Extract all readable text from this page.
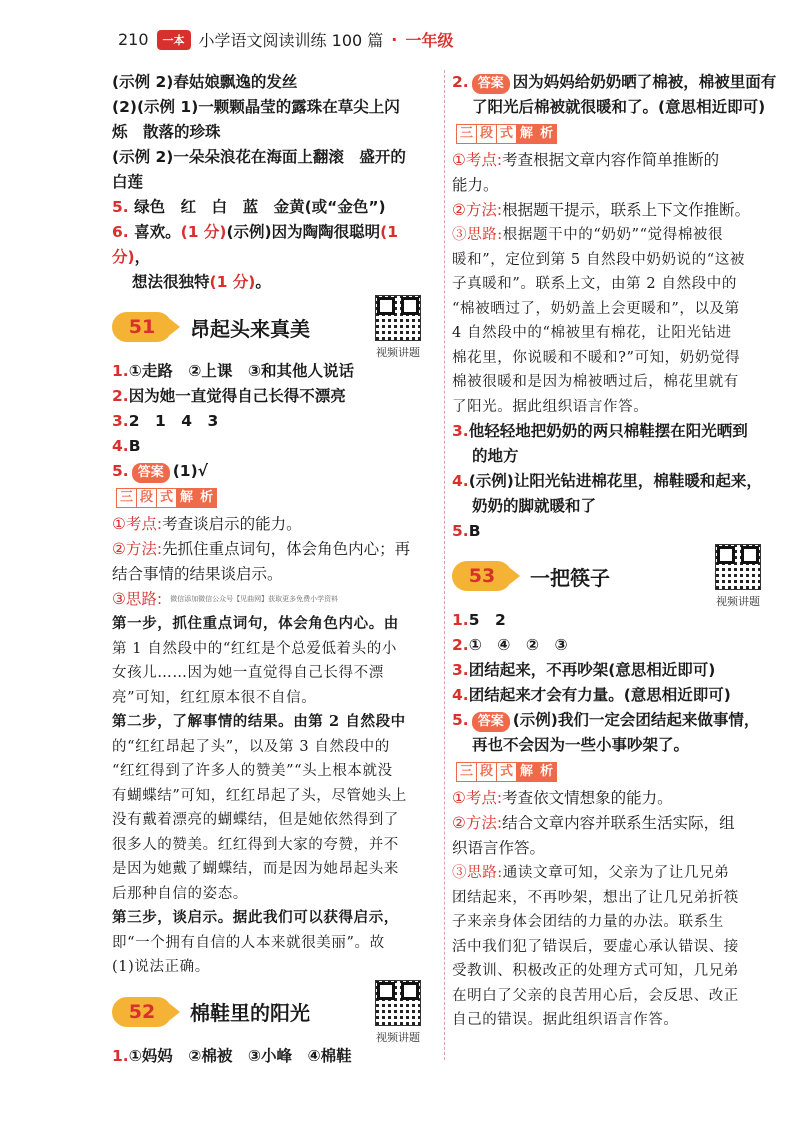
210	一本 小学语文阅读训练 100 篇 · 一年级
(示例 2)春姑娘飘逸的发丝
(2)(示例 1)一颗颗晶莹的露珠在草尖上闪
烁　散落的珍珠
(示例 2)一朵朵浪花在海面上翻滚　盛开的
白莲
5. 绿色　红　白　蓝　金黄(或“金色”)
6. 喜欢。(1 分)(示例)因为陶陶很聪明(1 分)，
想法很独特(1 分)。
51	昂起头来真美
视频讲题
1.①走路　②上课　③和其他人说话
2.因为她一直觉得自己长得不漂亮
3.2　1　4　3
4.B
5. 答案 (1)√
三 段 式 解 析
①考点:考查谈启示的能力。
②方法:先抓住重点词句，体会角色内心；再
结合事情的结果谈启示。
③思路: 微信添加微信公众号【见曲网】获取更多免费小学资料
第一步，抓住重点词句，体会角色内心。由
第 1 自然段中的“红红是个总爱低着头的小
女孩儿……因为她一直觉得自己长得不漂
亮”可知，红红原本很不自信。
第二步，了解事情的结果。由第 2 自然段中
的“红红昂起了头”，以及第 3 自然段中的
“红红得到了许多人的赞美”“头上根本就没
有蝴蝶结”可知，红红昂起了头，尽管她头上
没有戴着漂亮的蝴蝶结，但是她依然得到了
很多人的赞美。红红得到大家的夸赞，并不
是因为她戴了蝴蝶结，而是因为她昂起头来
后那种自信的姿态。
第三步，谈启示。据此我们可以获得启示，
即“一个拥有自信的人本来就很美丽”。故
(1)说法正确。
52	棉鞋里的阳光
视频讲题
1.①妈妈　②棉被　③小峰　④棉鞋
2. 答案 因为妈妈给奶奶晒了棉被，棉被里面有
了阳光后棉被就很暖和了。(意思相近即可)
三 段 式 解 析
①考点:考查根据文章内容作简单推断的
能力。
②方法:根据题干提示，联系上下文作推断。
③思路:根据题干中的“奶奶”“觉得棉被很
暖和”，定位到第 5 自然段中奶奶说的“这被
子真暖和”。联系上文，由第 2 自然段中的
“棉被晒过了，奶奶盖上会更暖和”，以及第
4 自然段中的“棉被里有棉花，让阳光钻进
棉花里，你说暖和不暖和?”可知，奶奶觉得
棉被很暖和是因为棉被晒过后，棉花里就有
了阳光。据此组织语言作答。
3.他轻轻地把奶奶的两只棉鞋摆在阳光晒到
的地方
4.(示例)让阳光钻进棉花里，棉鞋暖和起来，
奶奶的脚就暖和了
5.B
53	一把筷子
视频讲题
1.5　2
2.①　④　②　③
3.团结起来，不再吵架(意思相近即可)
4.团结起来才会有力量。(意思相近即可)
5. 答案 (示例)我们一定会团结起来做事情，
再也不会因为一些小事吵架了。
三 段 式 解 析
①考点:考查依文情想象的能力。
②方法:结合文章内容并联系生活实际，组
织语言作答。
③思路:通读文章可知，父亲为了让几兄弟
团结起来，不再吵架，想出了让几兄弟折筷
子来亲身体会团结的力量的办法。联系生
活中我们犯了错误后，要虚心承认错误、接
受教训、积极改正的处理方式可知，几兄弟
在明白了父亲的良苦用心后，会反思、改正
自己的错误。据此组织语言作答。
